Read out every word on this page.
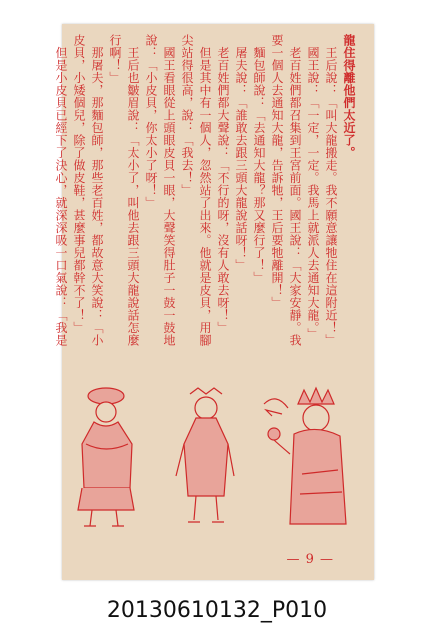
龍住得離他們太近了。
　王后說：「叫大龍搬走。我不願意讓牠住在這附近！」
　國王說：「一定，一定。我馬上就派人去通知大龍。」
　老百姓們都召集到王宮前面。國王說：「大家安靜。我
要一個人去通知大龍，告訴牠，王后要牠離開！」
　麵包師說：「去通知大龍？那又麼行了！」
　屠夫說：「誰敢去跟三頭大龍說話呀！」
　老百姓們都大聲說：「不行的呀，沒有人敢去呀！」
　但是其中有一個人，忽然站了出來。他就是皮貝，用腳
尖站得很高，說：「我去！」
　國王看眼從上頭眼皮貝一眼，大聲笑得肚子一鼓一鼓地
說：「小皮貝，你太小了呀！」
　王后也皺眉說：「太小了，叫他去跟三頭大龍說話怎麼
行啊！」
　那屠夫，那麵包師，那些老百姓，都故意大笑說：「小
皮貝，小矮個兒，除了做皮鞋，甚麼事兒都幹不了！」
　但是小皮貝已經下了決心，就深深吸一口氣說：「我是
— 9 —
20130610132_P010
